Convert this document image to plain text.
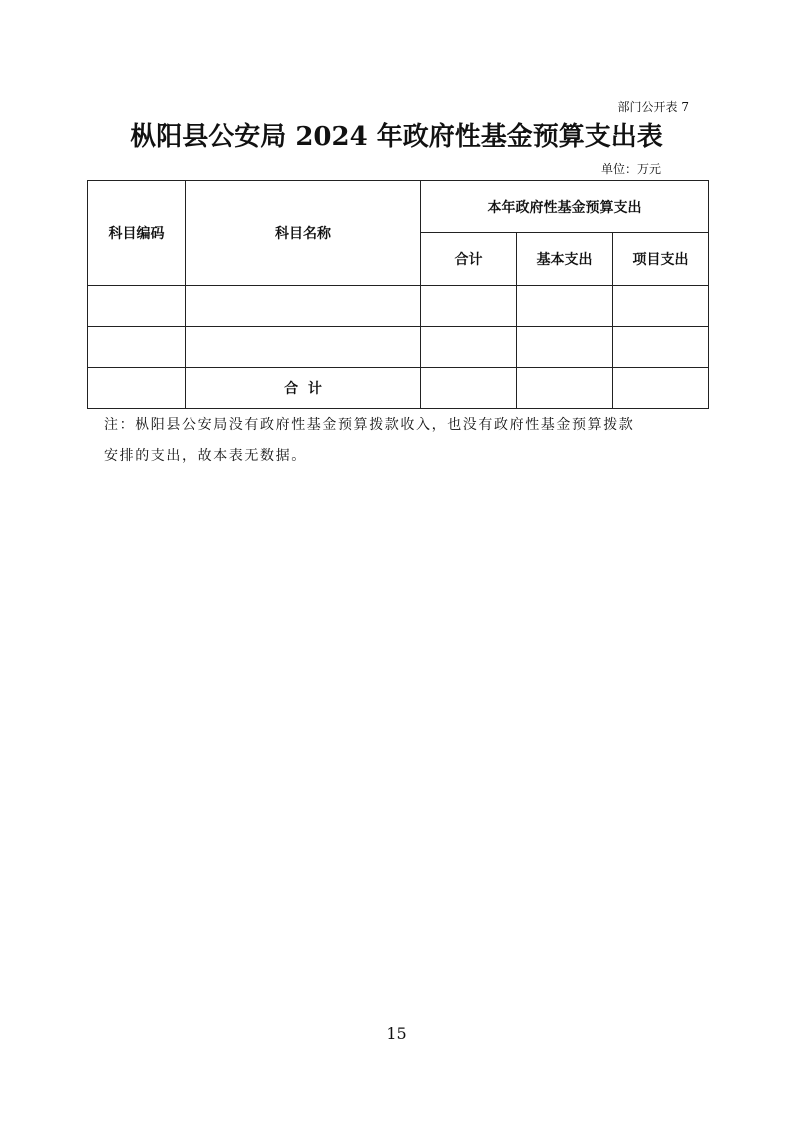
部门公开表 7
枞阳县公安局 2024 年政府性基金预算支出表
单位：万元
科目编码	科目名称	本年政府性基金预算支出		
		合计	基本支出	项目支出

	合  计			
注：枞阳县公安局没有政府性基金预算拨款收入，也没有政府性基金预算拨款
安排的支出，故本表无数据。
15
